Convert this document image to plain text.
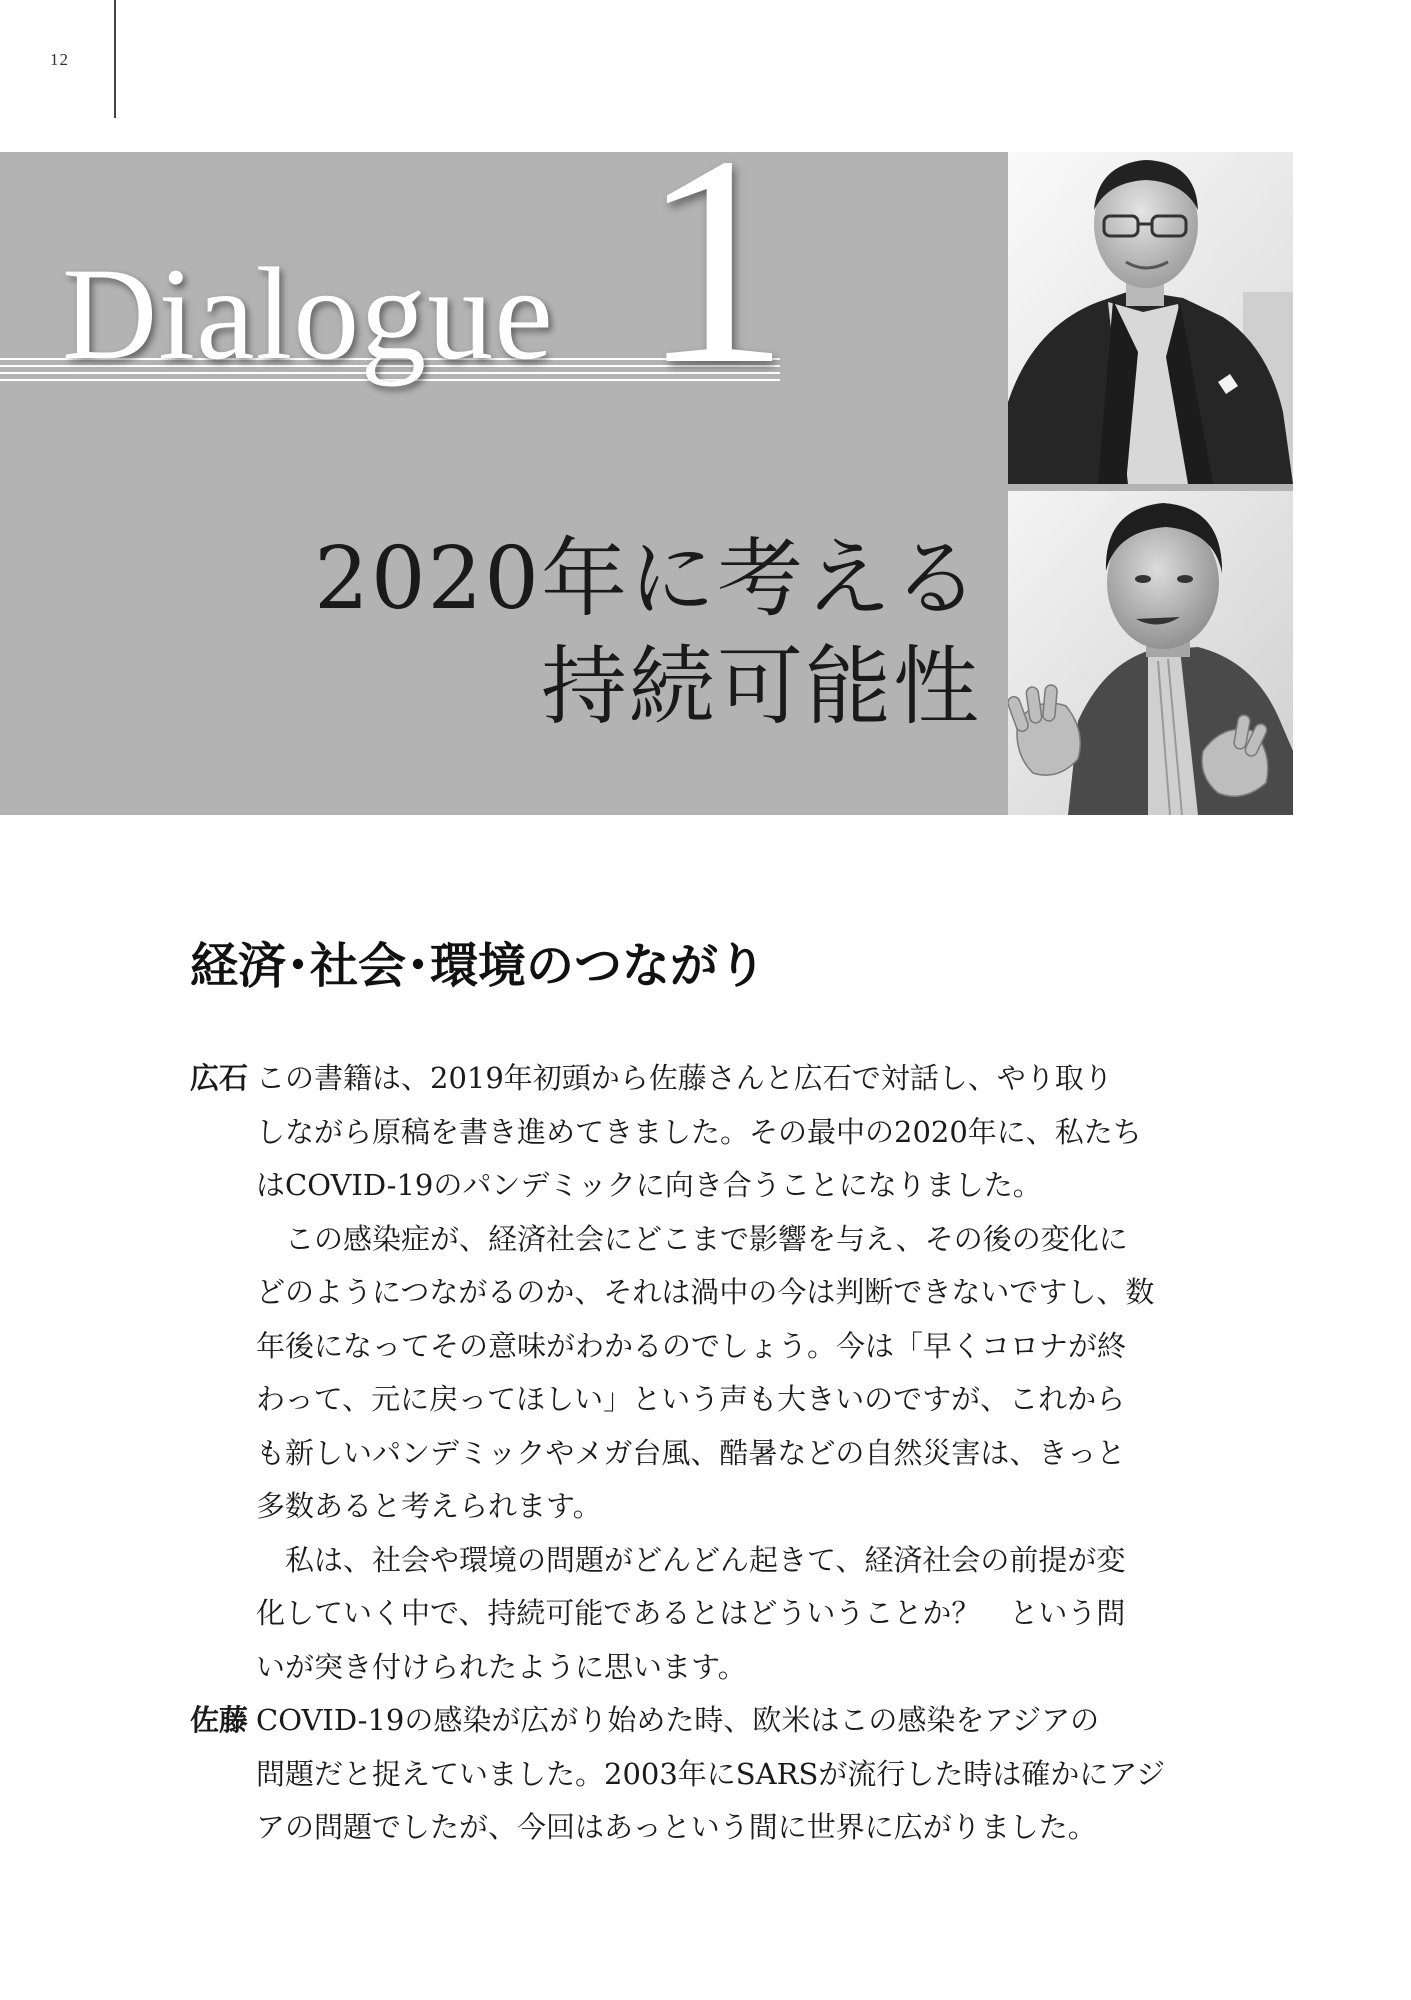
12
Dialogue 1
2020年に考える
持続可能性
経済･社会･環境のつながり
広石 この書籍は、2019年初頭から佐藤さんと広石で対話し、やり取り
しながら原稿を書き進めてきました。その最中の2020年に、私たち
はCOVID-19のパンデミックに向き合うことになりました。
　この感染症が、経済社会にどこまで影響を与え、その後の変化に
どのようにつながるのか、それは渦中の今は判断できないですし、数
年後になってその意味がわかるのでしょう。今は「早くコロナが終
わって、元に戻ってほしい」という声も大きいのですが、これから
も新しいパンデミックやメガ台風、酷暑などの自然災害は、きっと
多数あると考えられます。
　私は、社会や環境の問題がどんどん起きて、経済社会の前提が変
化していく中で、持続可能であるとはどういうことか？　という問
いが突き付けられたように思います。
佐藤 COVID-19の感染が広がり始めた時、欧米はこの感染をアジアの
問題だと捉えていました。2003年にSARSが流行した時は確かにアジ
アの問題でしたが、今回はあっという間に世界に広がりました。
